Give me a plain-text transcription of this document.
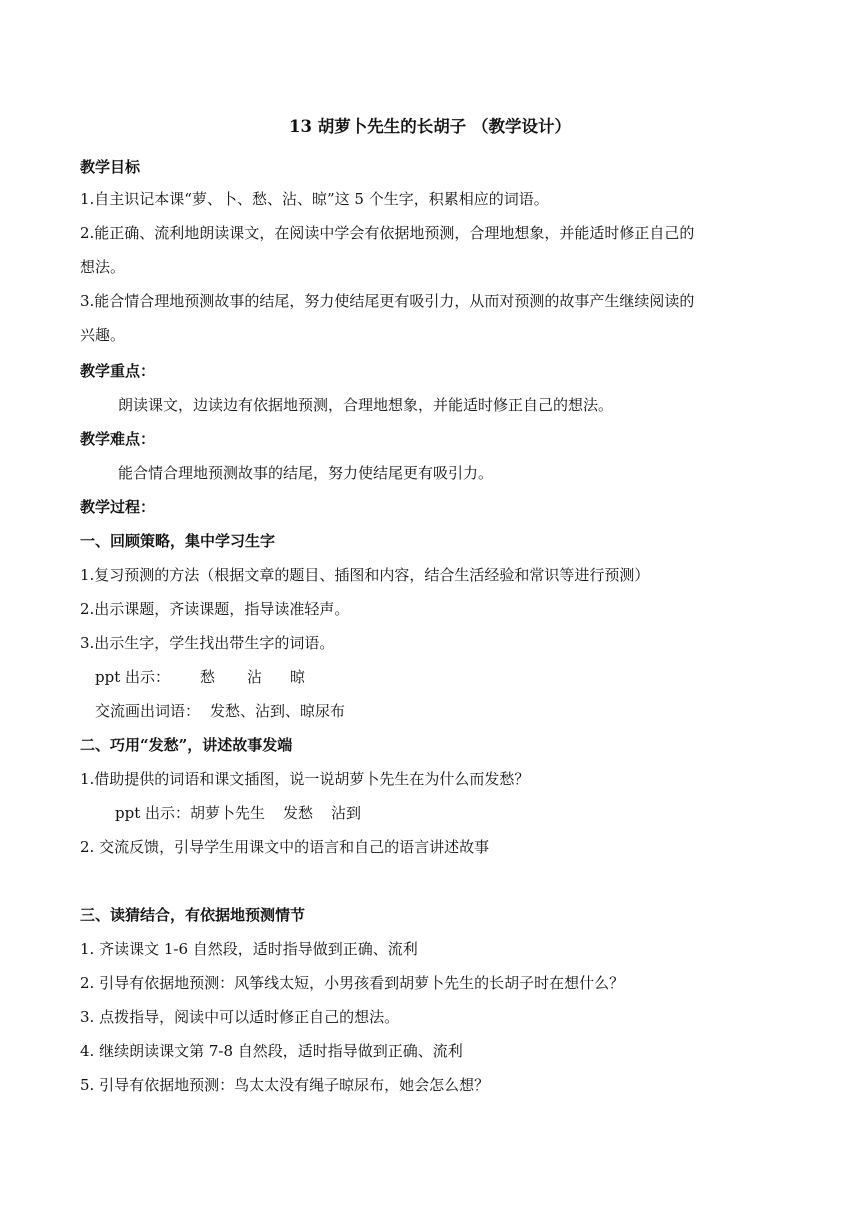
13 胡萝卜先生的长胡子 （教学设计）
教学目标
1.自主识记本课“萝、卜、愁、沾、晾”这 5 个生字，积累相应的词语。
2.能正确、流利地朗读课文，在阅读中学会有依据地预测，合理地想象，并能适时修正自己的
想法。
3.能合情合理地预测故事的结尾，努力使结尾更有吸引力，从而对预测的故事产生继续阅读的
兴趣。
教学重点：
朗读课文，边读边有依据地预测，合理地想象，并能适时修正自己的想法。
教学难点：
能合情合理地预测故事的结尾，努力使结尾更有吸引力。
教学过程：
一、回顾策略，集中学习生字
1.复习预测的方法（根据文章的题目、插图和内容，结合生活经验和常识等进行预测）
2.出示课题，齐读课题，指导读准轻声。
3.出示生字，学生找出带生字的词语。
ppt 出示： 愁 沾 晾
交流画出词语： 发愁、沾到、晾尿布
二、巧用“发愁”，讲述故事发端
1.借助提供的词语和课文插图，说一说胡萝卜先生在为什么而发愁？
ppt 出示：胡萝卜先生 发愁 沾到
2. 交流反馈，引导学生用课文中的语言和自己的语言讲述故事
三、读猜结合，有依据地预测情节
1. 齐读课文 1-6 自然段，适时指导做到正确、流利
2. 引导有依据地预测：风筝线太短，小男孩看到胡萝卜先生的长胡子时在想什么？
3. 点拨指导，阅读中可以适时修正自己的想法。
4. 继续朗读课文第 7-8 自然段，适时指导做到正确、流利
5. 引导有依据地预测：鸟太太没有绳子晾尿布，她会怎么想？
